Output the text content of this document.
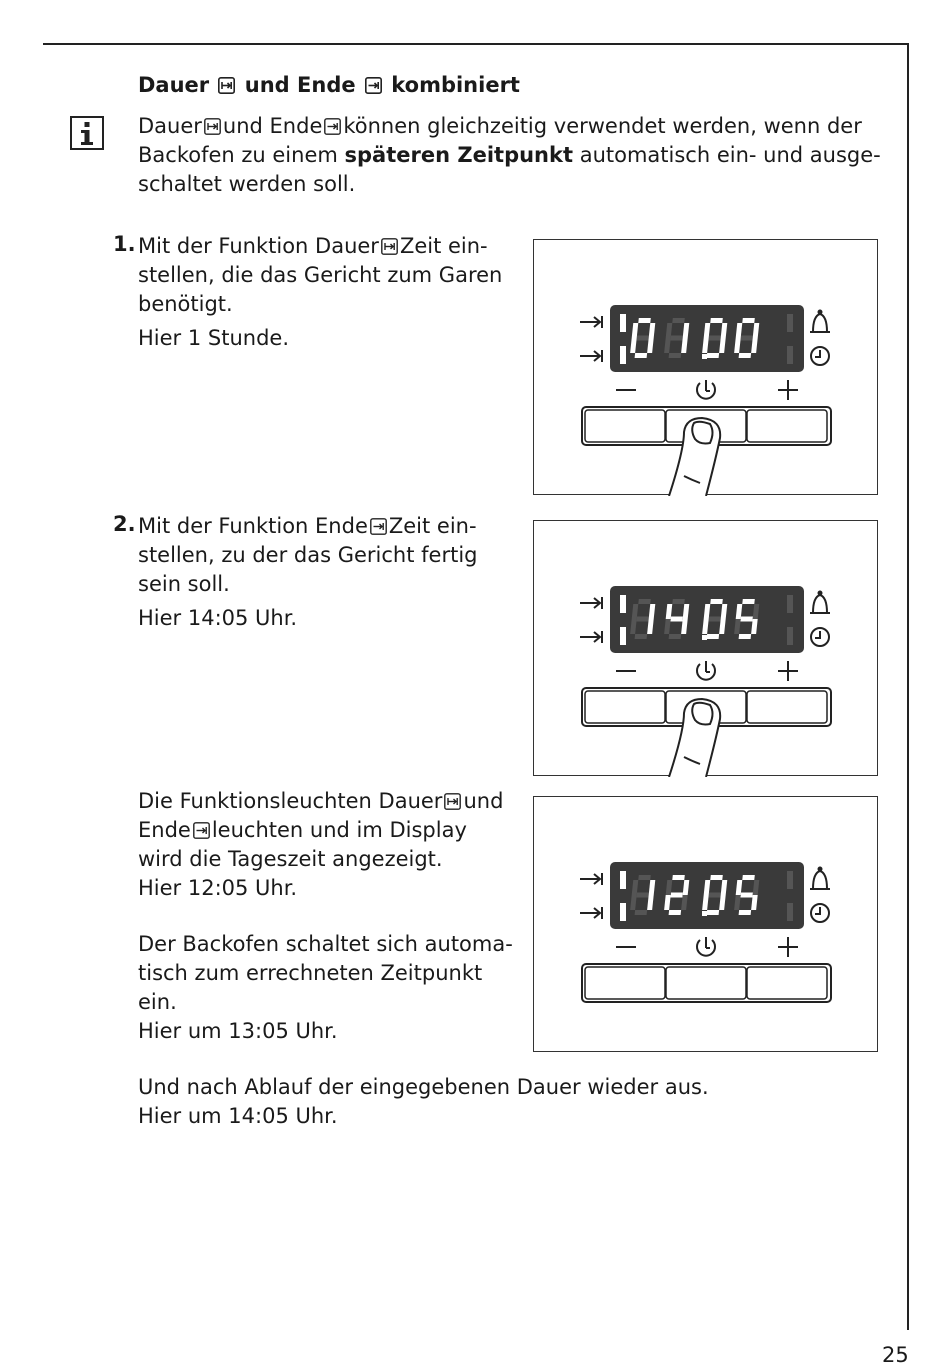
Dauer und Ende kombiniert
Dauer und Ende können gleichzeitig verwendet werden, wenn der
Backofen zu einem späteren Zeitpunkt automatisch ein- und ausge-
schaltet werden soll.
1. Mit der Funktion Dauer Zeit ein-
stellen, die das Gericht zum Garen
benötigt.
Hier 1 Stunde.
2. Mit der Funktion Ende Zeit ein-
stellen, zu der das Gericht fertig
sein soll.
Hier 14:05 Uhr.
Die Funktionsleuchten Dauer und
Ende leuchten und im Display
wird die Tageszeit angezeigt.
Hier 12:05 Uhr.
Der Backofen schaltet sich automa-
tisch zum errechneten Zeitpunkt
ein.
Hier um 13:05 Uhr.
Und nach Ablauf der eingegebenen Dauer wieder aus.
Hier um 14:05 Uhr.
25
